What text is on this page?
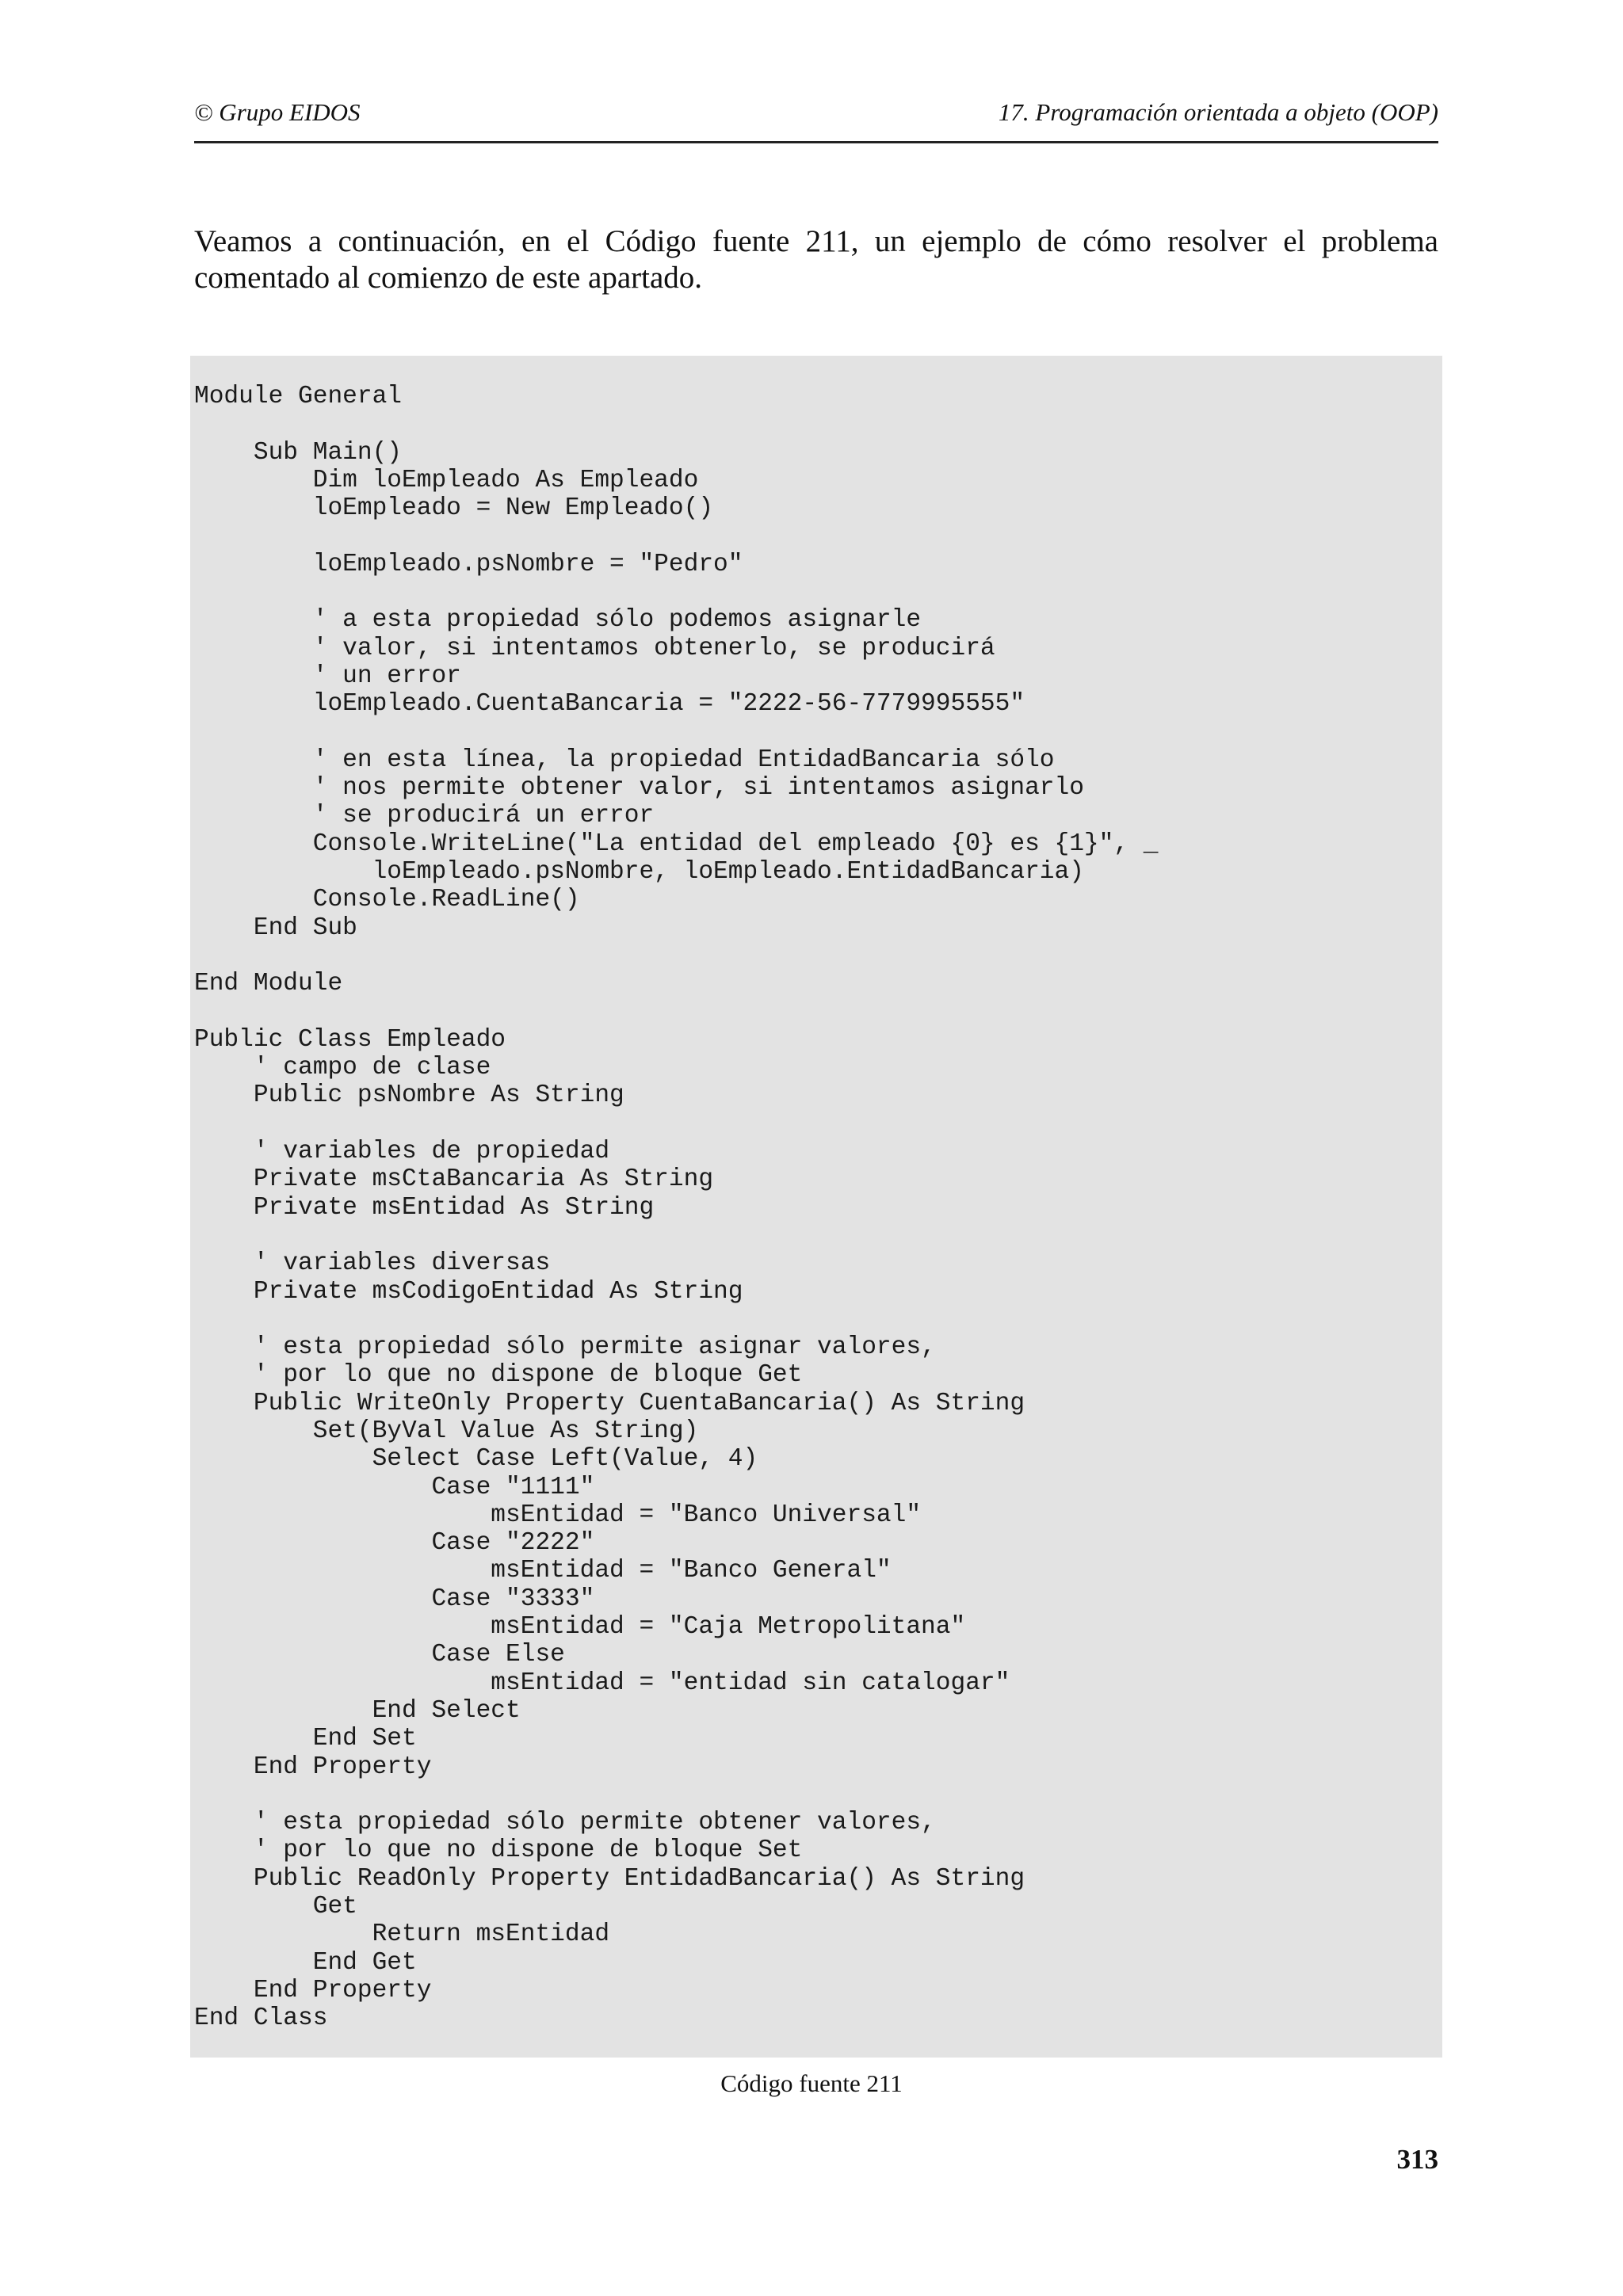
© Grupo EIDOS	17. Programación orientada a objeto (OOP)

Veamos a continuación, en el Código fuente 211, un ejemplo de cómo resolver el problema comentado al comienzo de este apartado.

Module General

Sub Main()
Dim loEmpleado As Empleado
loEmpleado = New Empleado()

loEmpleado.psNombre = "Pedro"

' a esta propiedad sólo podemos asignarle
' valor, si intentamos obtenerlo, se producirá
' un error
loEmpleado.CuentaBancaria = "2222-56-7779995555"

' en esta línea, la propiedad EntidadBancaria sólo
' nos permite obtener valor, si intentamos asignarlo
' se producirá un error
Console.WriteLine("La entidad del empleado {0} es {1}", _
loEmpleado.psNombre, loEmpleado.EntidadBancaria)
Console.ReadLine()
End Sub

End Module

Public Class Empleado
' campo de clase
Public psNombre As String

' variables de propiedad
Private msCtaBancaria As String
Private msEntidad As String

' variables diversas
Private msCodigoEntidad As String

' esta propiedad sólo permite asignar valores,
' por lo que no dispone de bloque Get
Public WriteOnly Property CuentaBancaria() As String
Set(ByVal Value As String)
Select Case Left(Value, 4)
Case "1111"
msEntidad = "Banco Universal"
Case "2222"
msEntidad = "Banco General"
Case "3333"
msEntidad = "Caja Metropolitana"
Case Else
msEntidad = "entidad sin catalogar"
End Select
End Set
End Property

' esta propiedad sólo permite obtener valores,
' por lo que no dispone de bloque Set
Public ReadOnly Property EntidadBancaria() As String
Get
Return msEntidad
End Get
End Property
End Class
Código fuente 211
313
